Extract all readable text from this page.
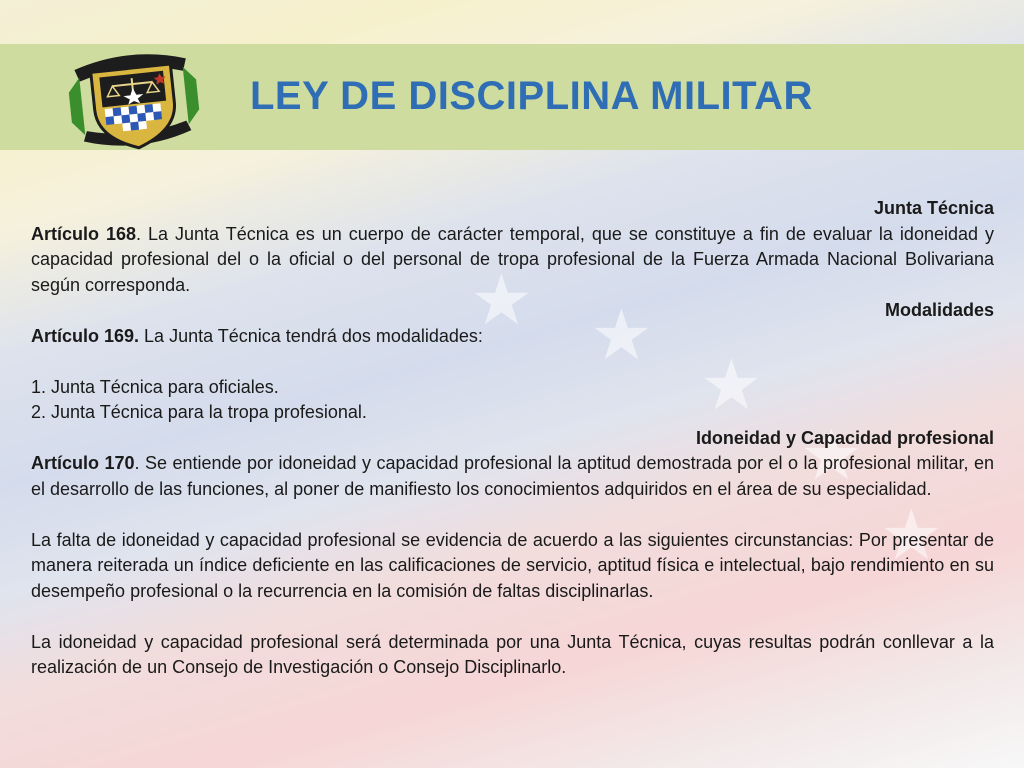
★ ★
★
★
★
LEY DE DISCIPLINA MILITAR

Junta Técnica

Artículo 168. La Junta Técnica es un cuerpo de carácter temporal, que se constituye a fin de evaluar la idoneidad y capacidad profesional del o la oficial o del personal de tropa profesional de la Fuerza Armada Nacional Bolivariana según corresponda.

Modalidades

Artículo 169. La Junta Técnica tendrá dos modalidades:

1. Junta Técnica para oficiales.

2. Junta Técnica para la tropa profesional.

Idoneidad y Capacidad profesional

Artículo 170. Se entiende por idoneidad y capacidad profesional la aptitud demostrada por el o la profesional militar, en el desarrollo de las funciones, al poner de manifiesto los conocimientos adquiridos en el área de su especialidad.

La falta de idoneidad y capacidad profesional se evidencia de acuerdo a las siguientes circunstancias: Por presentar de manera reiterada un índice deficiente en las calificaciones de servicio, aptitud física e intelectual, bajo rendimiento en su desempeño profesional o la recurrencia en la comisión de faltas disciplinarlas.

La idoneidad y capacidad profesional será determinada por una Junta Técnica, cuyas resultas podrán conllevar a la realización de un Consejo de Investigación o Consejo Disciplinarlo.
